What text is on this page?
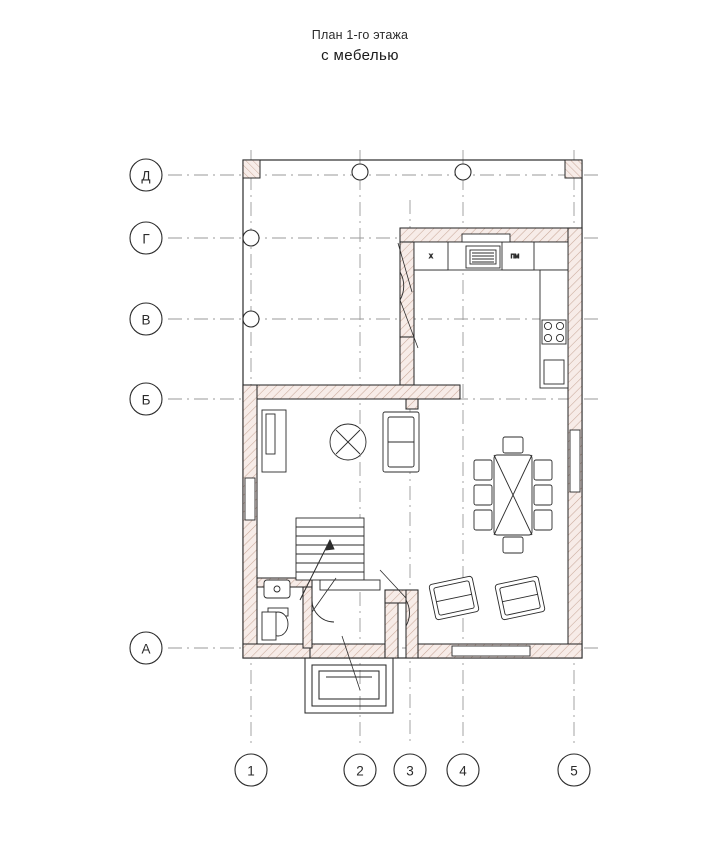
План 1-го этажа
с мебелью
Д
Г
В
Б
А
1	2	3	4	5
Х	ПМ
